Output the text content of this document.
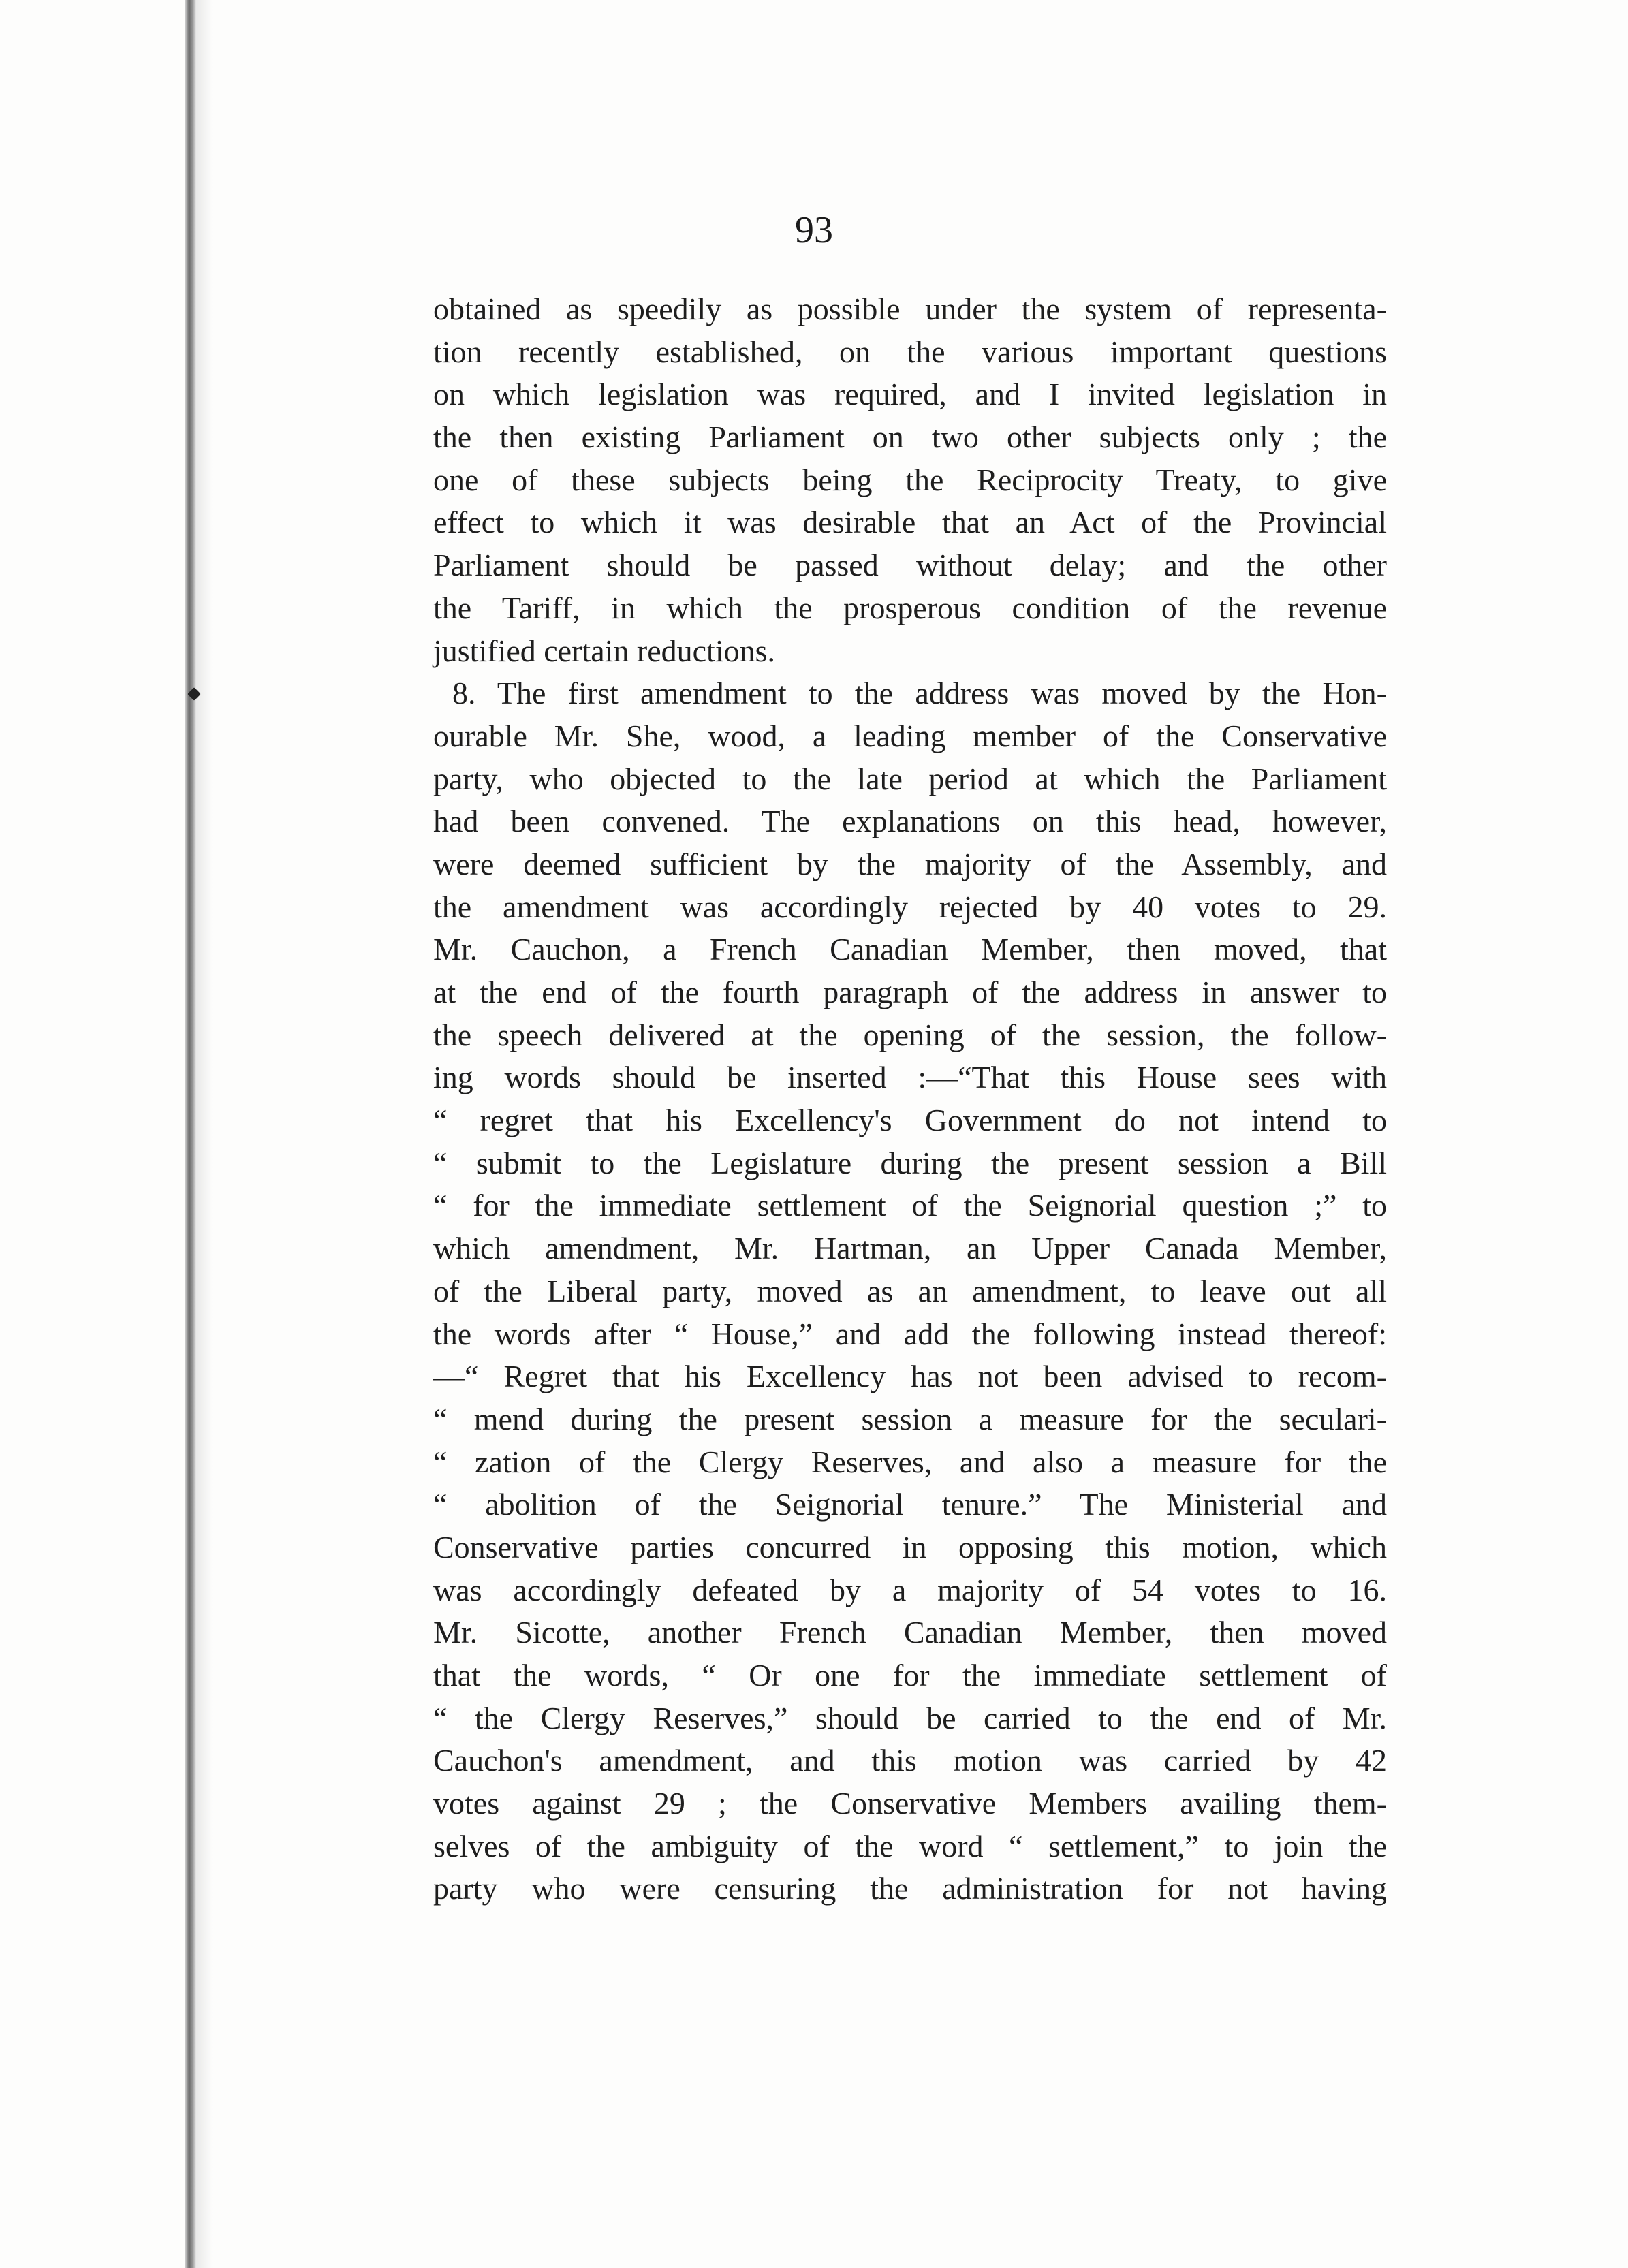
93
obtained as speedily as possible under the system of representa-
tion recently established, on the various important questions
on which legislation was required, and I invited legislation in
the then existing Parliament on two other subjects only ; the
one of these subjects being the Reciprocity Treaty, to give
effect to which it was desirable that an Act of the Provincial
Parliament should be passed without delay; and the other
the Tariff, in which the prosperous condition of the revenue
justified certain reductions.
8. The first amendment to the address was moved by the Hon-
ourable Mr. She, wood, a leading member of the Conservative
party, who objected to the late period at which the Parliament
had been convened. The explanations on this head, however,
were deemed sufficient by the majority of the Assembly, and
the amendment was accordingly rejected by 40 votes to 29.
Mr. Cauchon, a French Canadian Member, then moved, that
at the end of the fourth paragraph of the address in answer to
the speech delivered at the opening of the session, the follow-
ing words should be inserted :—“That this House sees with
“ regret that his Excellency's Government do not intend to
“ submit to the Legislature during the present session a Bill
“ for the immediate settlement of the Seignorial question ;” to
which amendment, Mr. Hartman, an Upper Canada Member,
of the Liberal party, moved as an amendment, to leave out all
the words after “ House,” and add the following instead thereof:
—“ Regret that his Excellency has not been advised to recom-
“ mend during the present session a measure for the seculari-
“ zation of the Clergy Reserves, and also a measure for the
“ abolition of the Seignorial tenure.” The Ministerial and
Conservative parties concurred in opposing this motion, which
was accordingly defeated by a majority of 54 votes to 16.
Mr. Sicotte, another French Canadian Member, then moved
that the words, “ Or one for the immediate settlement of
“ the Clergy Reserves,” should be carried to the end of Mr.
Cauchon's amendment, and this motion was carried by 42
votes against 29 ; the Conservative Members availing them-
selves of the ambiguity of the word “ settlement,” to join the
party who were censuring the administration for not having
